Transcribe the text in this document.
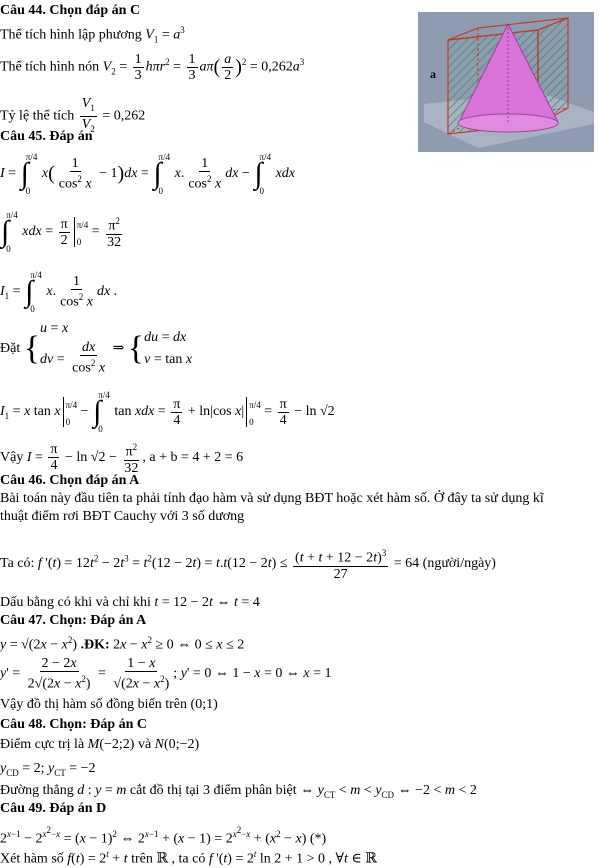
Câu 44. Chọn đáp án C
Thể tích hình lập phương $V_1 = a^3$
Thể tích hình nón $V_2 = \frac{1}{3} h\pi r^2 = \frac{1}{3} a\pi( \frac{a}{2} )^2 = 0,262a^3$
Tỷ lệ thể tích $\frac{V_1}{V_2} = 0,262$
a
Câu 45. Đáp án
I = ∫
π/4
0
$x( \frac{1}{\cos^2 x} - 1)dx$ = ∫
π/4
0
x. $\frac{1}{\cos^2 x}$ dx − ∫
π/4
0
xdx
∫
π/4
0
xdx = $\frac{\pi}{2} \pi/4$
0
= $\frac{\pi^2}{32}$
$I_1$ = ∫
π/4
0
x. $\frac{1}{\cos^2 x}$ dx .
Đặt {
u = x
dv = $\frac{dx}{\cos^2 x}$ ⇒ { du = dx
v = tan x
$I_1 = x$ tan x π/4
0
− ∫
π/4
0
tan xdx = $\frac{\pi}{4} + \ln|\cos$ x| π/4
0
= $\frac{\pi}{4} - \ln √2$
Vậy $I = \frac{\pi}{4} - \ln √2 - \frac{\pi^2}{32}$ , a + b = 4 + 2 = 6
Câu 46. Chọn đáp án A
Bài toán này đầu tiên ta phải tính đạo hàm và sử dụng BĐT hoặc xét hàm số. Ở đây ta sử dụng kĩ
thuật điểm rơi BĐT Cauchy với 3 số dương
Ta có: f '$(t) = 12t^2 - 2t^3 = t^2(12 - 2t) = t.t(12 - 2t) \le \frac{(t + t + 12 - 2t)^3}{27} = 64$ (người/ngày)
Dấu bằng có khi và chỉ khi t = 12 − 2t ⇔ t = 4
Câu 47. Chọn: Đáp án A
$y = √(2x - x^2)$ .ĐK: $2x - x^2 \ge 0$ ⇔ 0 ≤ x ≤ 2
$y' = \frac{2 - 2x}{2√(2x - x^2)} = \frac{1 - x}{√(2x - x^2)}$ ; y' = 0 ⇔ 1 − x = 0 ⇔ x = 1
Vậy đồ thị hàm số đồng biến trên (0;1)
Câu 48. Chọn: Đáp án C
Điểm cực trị là M(−2;2) và N(0;−2)
$y_{CD} = 2$; $y_{CT} = -2$
Đường thẳng d : y = m cắt đồ thị tại 3 điểm phân biệt ⇔ $y_{CT} < m < y_{CD}$ ⇔ −2 < m < 2
Câu 49. Đáp án D
$2^{x-1} - 2^{x^2-x} = (x - 1)^2$ ⇔ $2^{x-1} + (x - 1) = 2^{x^2-x} + (x^2 - x)$ (*)
Xét hàm số $f(t) = 2^t + t$ trên ℝ , ta có f '$(t) = 2^t$ ln 2 + 1 > 0 , ∀t ∈ ℝ
